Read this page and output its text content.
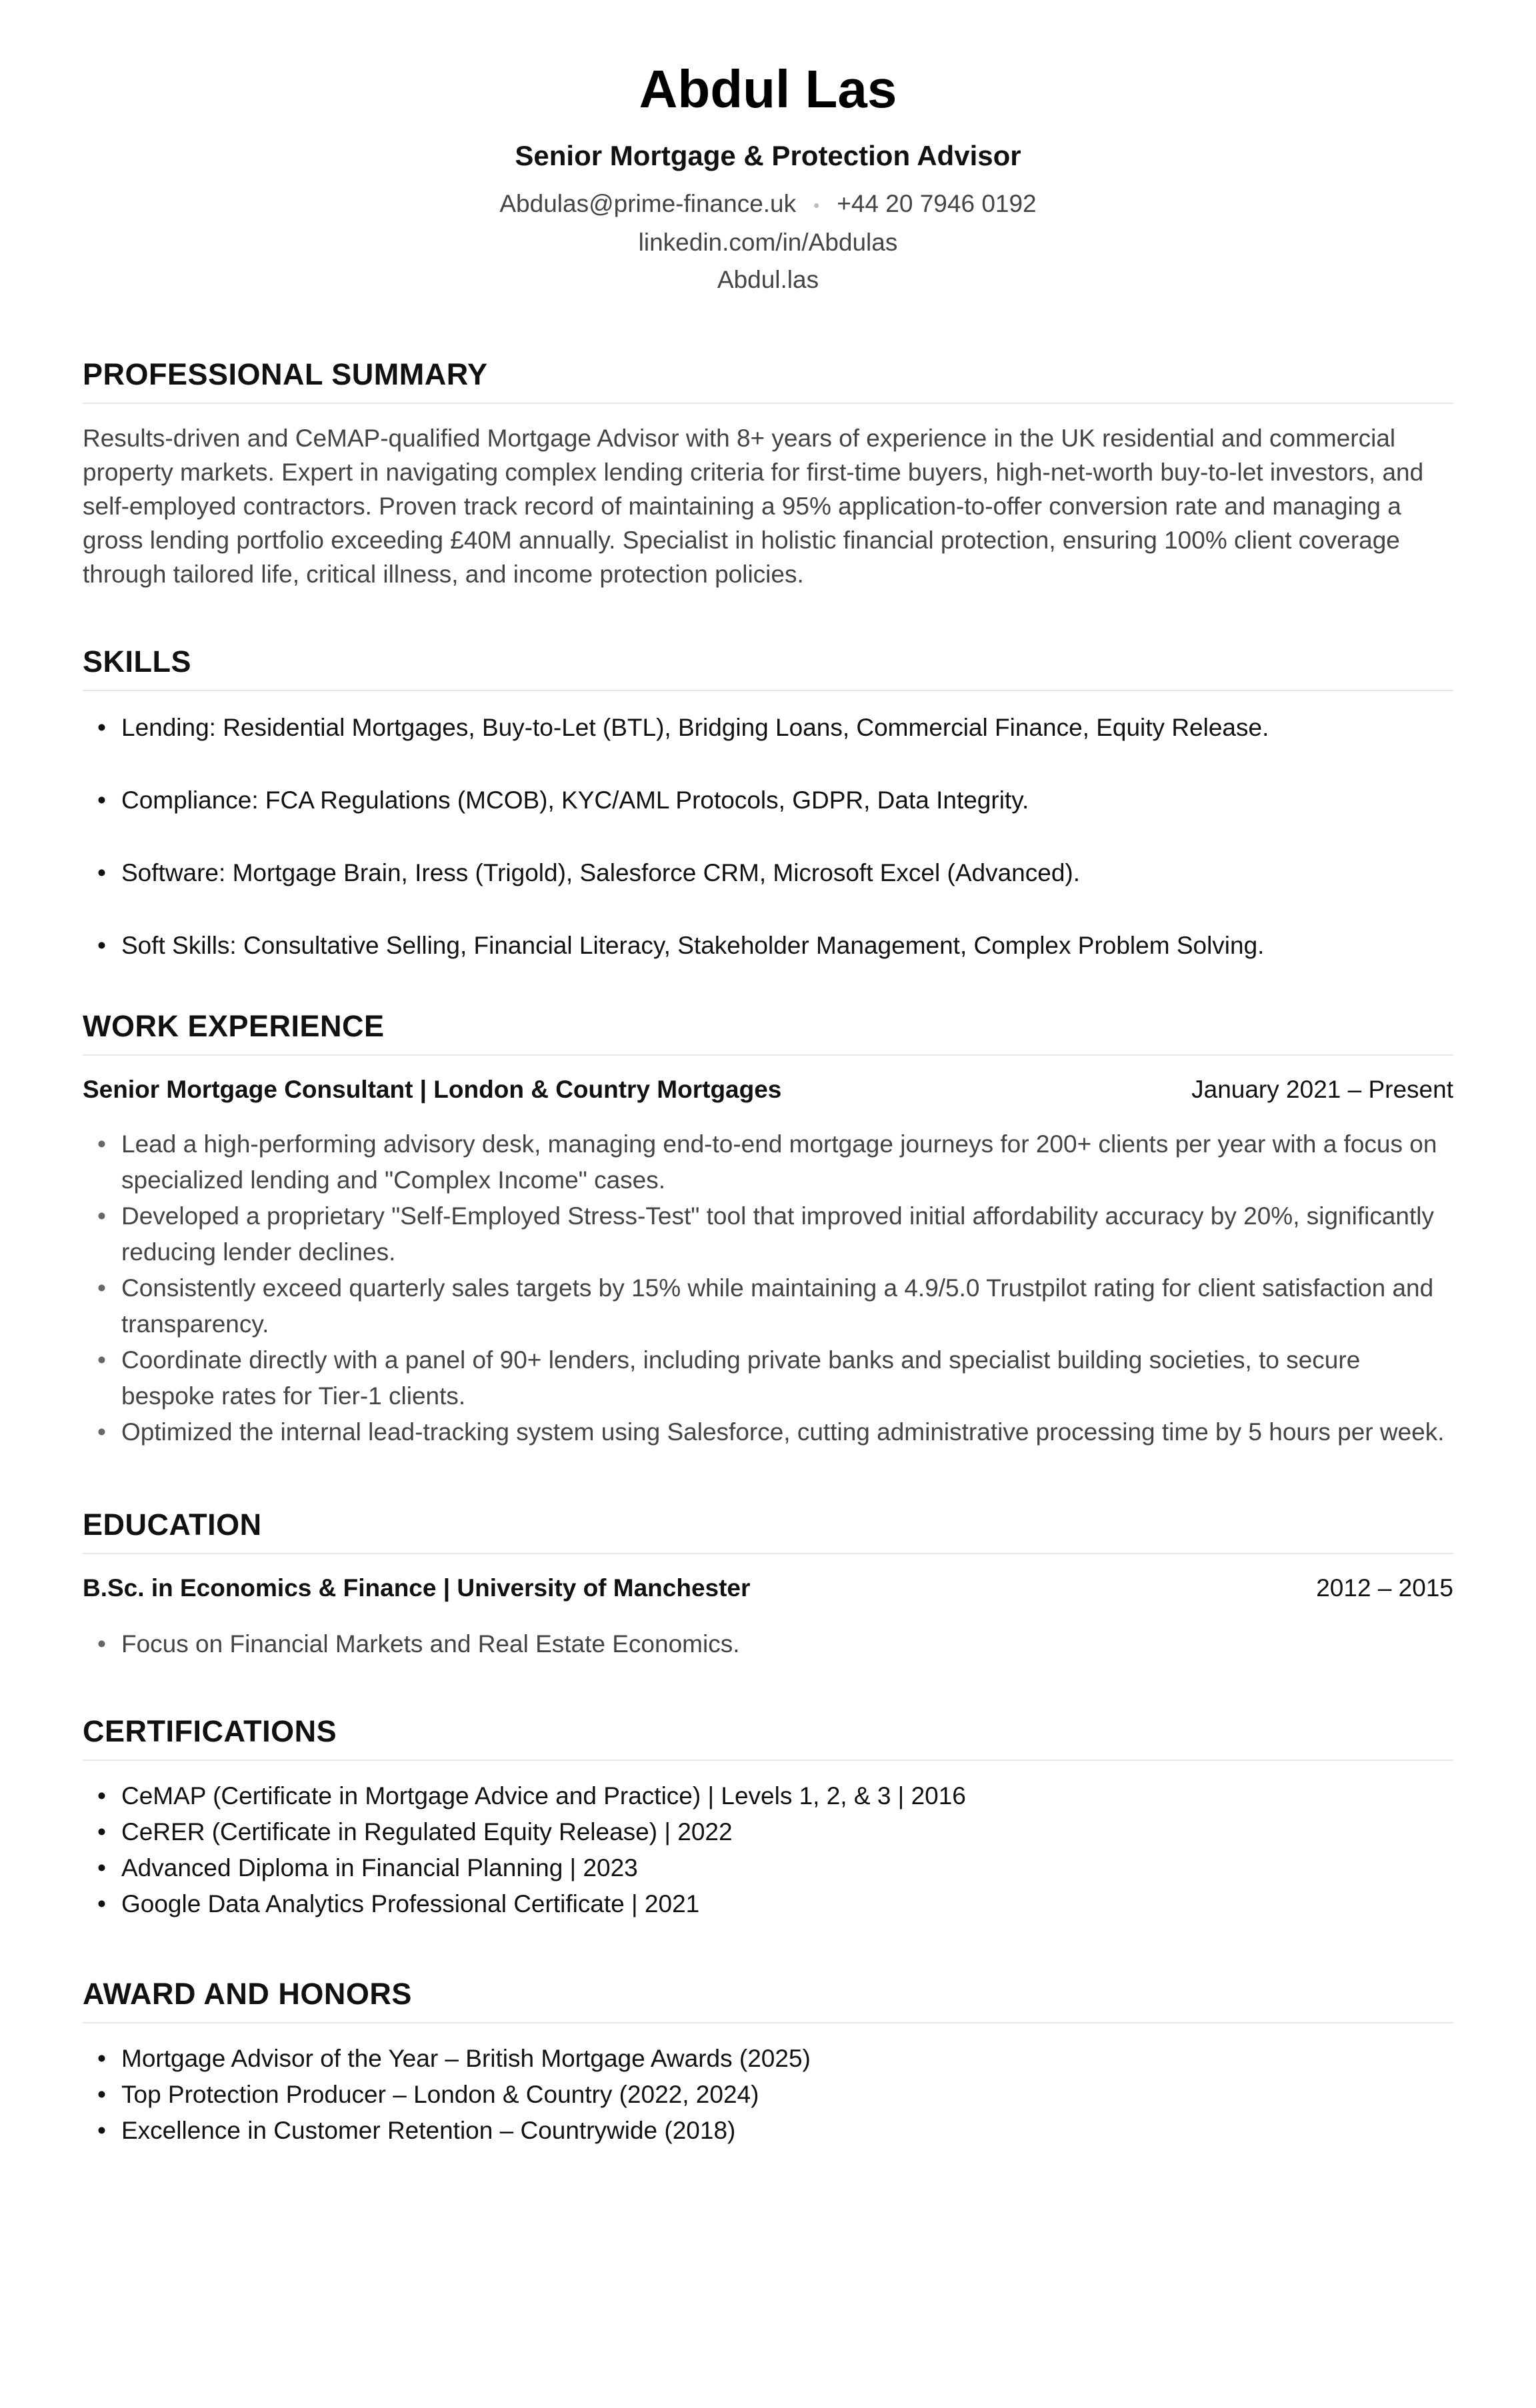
Abdul Las
Senior Mortgage & Protection Advisor
Abdulas@prime-finance.uk • +44 20 7946 0192
linkedin.com/in/Abdulas
Abdul.las
PROFESSIONAL SUMMARY
Results-driven and CeMAP-qualified Mortgage Advisor with 8+ years of experience in the UK residential and commercial property markets. Expert in navigating complex lending criteria for first-time buyers, high-net-worth buy-to-let investors, and self-employed contractors. Proven track record of maintaining a 95% application-to-offer conversion rate and managing a gross lending portfolio exceeding £40M annually. Specialist in holistic financial protection, ensuring 100% client coverage through tailored life, critical illness, and income protection policies.
SKILLS
• Lending: Residential Mortgages, Buy-to-Let (BTL), Bridging Loans, Commercial Finance, Equity Release.
• Compliance: FCA Regulations (MCOB), KYC/AML Protocols, GDPR, Data Integrity.
• Software: Mortgage Brain, Iress (Trigold), Salesforce CRM, Microsoft Excel (Advanced).
• Soft Skills: Consultative Selling, Financial Literacy, Stakeholder Management, Complex Problem Solving.
WORK EXPERIENCE
Senior Mortgage Consultant | London & Country Mortgages	January 2021 – Present
• Lead a high-performing advisory desk, managing end-to-end mortgage journeys for 200+ clients per year with a focus on specialized lending and "Complex Income" cases.
• Developed a proprietary "Self-Employed Stress-Test" tool that improved initial affordability accuracy by 20%, significantly reducing lender declines.
• Consistently exceed quarterly sales targets by 15% while maintaining a 4.9/5.0 Trustpilot rating for client satisfaction and transparency.
• Coordinate directly with a panel of 90+ lenders, including private banks and specialist building societies, to secure bespoke rates for Tier-1 clients.
• Optimized the internal lead-tracking system using Salesforce, cutting administrative processing time by 5 hours per week.
EDUCATION
B.Sc. in Economics & Finance | University of Manchester	2012 – 2015
• Focus on Financial Markets and Real Estate Economics.
CERTIFICATIONS
• CeMAP (Certificate in Mortgage Advice and Practice) | Levels 1, 2, & 3 | 2016
• CeRER (Certificate in Regulated Equity Release) | 2022
• Advanced Diploma in Financial Planning | 2023
• Google Data Analytics Professional Certificate | 2021
AWARD AND HONORS
• Mortgage Advisor of the Year – British Mortgage Awards (2025)
• Top Protection Producer – London & Country (2022, 2024)
• Excellence in Customer Retention – Countrywide (2018)
